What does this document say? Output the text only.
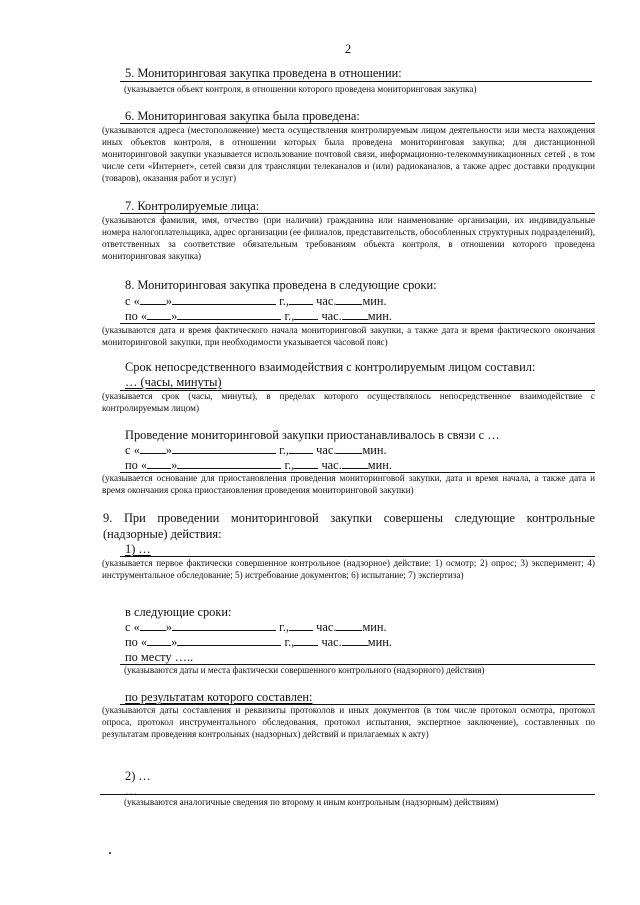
2
5. Мониторинговая закупка проведена в отношении:
(указывается объект контроля, в отношении которого проведена мониторинговая закупка)
6. Мониторинговая закупка была проведена:
(указываются адреса (местоположение) места осуществления контролируемым лицом деятельности или места нахождения иных объектов контроля, в отношении которых была проведена мониторинговая закупка; для дистанционной мониторинговой закупки указывается использование почтовой связи, информационно-телекоммуникационных сетей , в том числе сети «Интернет», сетей связи для трансляции телеканалов и (или) радиоканалов, а также адрес доставки продукции (товаров), оказания работ и услуг)
7. Контролируемые лица:
(указываются фамилия, имя, отчество (при наличии) гражданина или наименование организации, их индивидуальные номера налогоплательщика, адрес организации (ее филиалов, представительств, обособленных структурных подразделений), ответственных за соответствие обязательным требованиям объекта контроля, в отношении которого проведена мониторинговая закупка)
8. Мониторинговая закупка проведена в следующие сроки:
с « »	г., час. мин.
по « »	г., час. мин.
(указываются дата и время фактического начала мониторинговой закупки, а также дата и время фактического окончания мониторинговой закупки, при необходимости указывается часовой пояс)
Срок непосредственного взаимодействия с контролируемым лицом составил:
… (часы, минуты)
(указывается срок (часы, минуты), в пределах которого осуществлялось непосредственное взаимодействие с контролируемым лицом)
Проведение мониторинговой закупки приостанавливалось в связи с …
с « »	г., час. мин.
по « »	г., час. мин.
(указывается основание для приостановления проведения мониторинговой закупки, дата и время начала, а также дата и время окончания срока приостановления проведения мониторинговой закупки)
9. При проведении мониторинговой закупки совершены следующие контрольные (надзорные) действия:
1) …
(указывается первое фактически совершенное контрольное (надзорное) действие: 1) осмотр; 2) опрос; 3) эксперимент; 4) инструментальное обследование; 5) истребование документов; 6) испытание; 7) экспертиза)
в следующие сроки:
с « »	г., час. мин.
по « »	г., час. мин.
по месту …..
(указываются даты и места фактически совершенного контрольного (надзорного) действия)
по результатам которого составлен:
(указываются даты составления и реквизиты протоколов и иных документов (в том числе протокол осмотра, протокол опроса, протокол инструментального обследования, протокол испытания, экспертное заключение), составленных по результатам проведения контрольных (надзорных) действий и прилагаемых к акту)
2) …
…
(указываются аналогичные сведения по второму и иным контрольным (надзорным) действиям)
